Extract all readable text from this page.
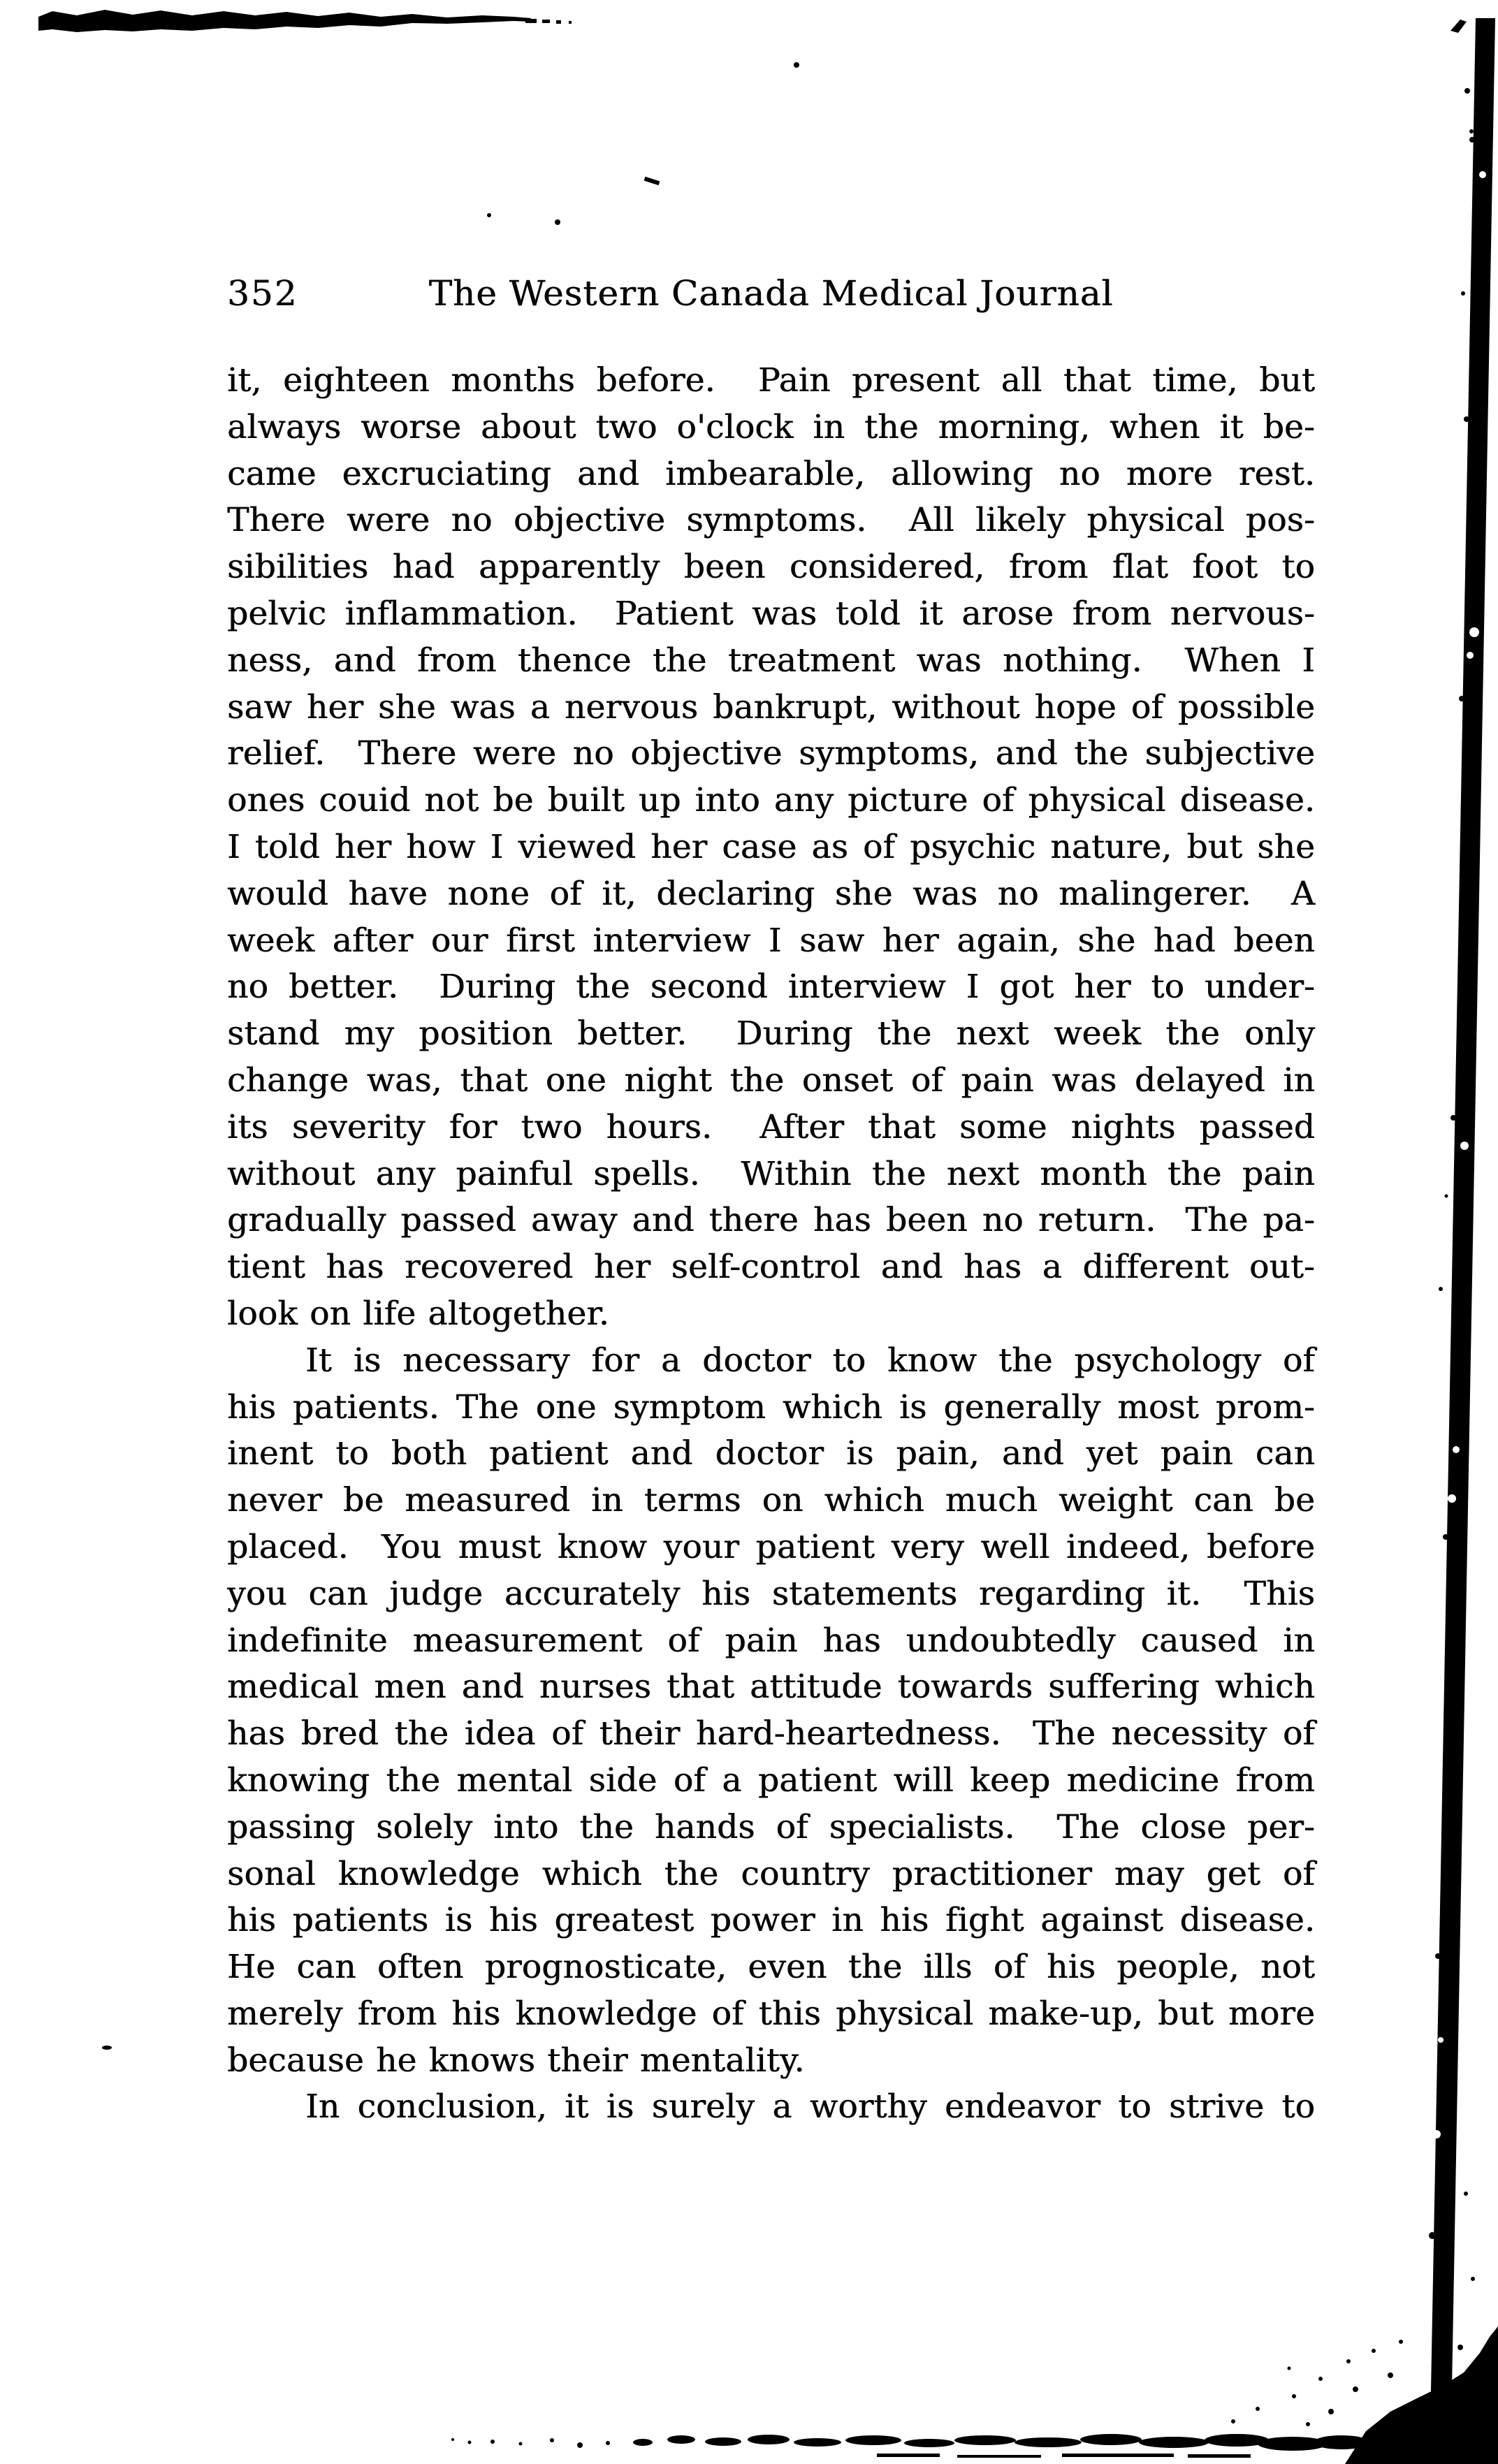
352	The Western Canada Medical Journal
it, eighteen months before.  Pain present all that time, but
always worse about two o'clock in the morning, when it be-
came excruciating and imbearable, allowing no more rest.
There were no objective symptoms.  All likely physical pos-
sibilities had apparently been considered, from flat foot to
pelvic inflammation.  Patient was told it arose from nervous-
ness, and from thence the treatment was nothing.  When I
saw her she was a nervous bankrupt, without hope of possible
relief.  There were no objective symptoms, and the subjective
ones couid not be built up into any picture of physical disease.
I told her how I viewed her case as of psychic nature, but she
would have none of it, declaring she was no malingerer.  A
week after our first interview I saw her again, she had been
no better.  During the second interview I got her to under-
stand my position better.  During the next week the only
change was, that one night the onset of pain was delayed in
its severity for two hours.  After that some nights passed
without any painful spells.  Within the next month the pain
gradually passed away and there has been no return.  The pa-
tient has recovered her self-control and has a different out-
look on life altogether.
It is necessary for a doctor to know the psychology of
his patients. The one symptom which is generally most prom-
inent to both patient and doctor is pain, and yet pain can
never be measured in terms on which much weight can be
placed.  You must know your patient very well indeed, before
you can judge accurately his statements regarding it.  This
indefinite measurement of pain has undoubtedly caused in
medical men and nurses that attitude towards suffering which
has bred the idea of their hard-heartedness.  The necessity of
knowing the mental side of a patient will keep medicine from
passing solely into the hands of specialists.  The close per-
sonal knowledge which the country practitioner may get of
his patients is his greatest power in his fight against disease.
He can often prognosticate, even the ills of his people, not
merely from his knowledge of this physical make-up, but more
because he knows their mentality.
In conclusion, it is surely a worthy endeavor to strive to
